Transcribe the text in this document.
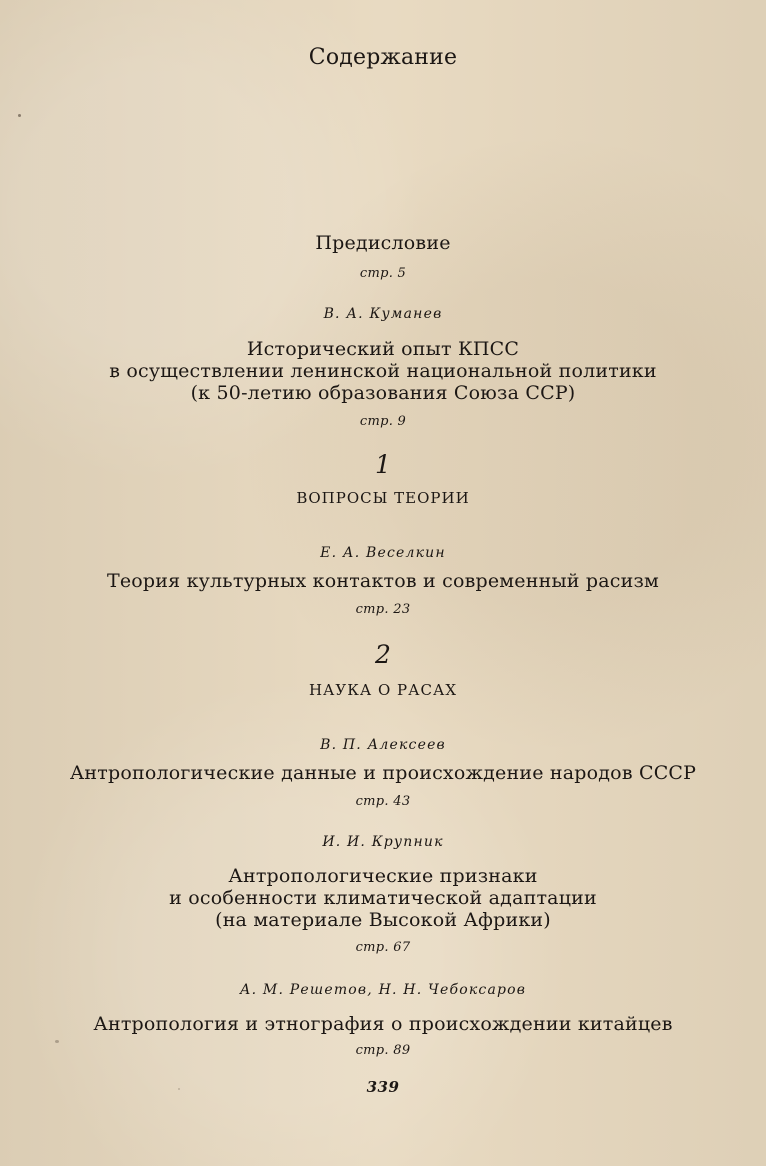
Содержание
Предисловие
стр. 5
В. А. Куманев
Исторический опыт КПСС
в осуществлении ленинской национальной политики
(к 50-летию образования Союза ССР)
стр. 9
1
ВОПРОСЫ ТЕОРИИ
Е. А. Веселкин
Теория культурных контактов и современный расизм
стр. 23
2
НАУКА О РАСАХ
В. П. Алексеев
Антропологические данные и происхождение народов СССР
стр. 43
И. И. Крупник
Антропологические признаки
и особенности климатической адаптации
(на материале Высокой Африки)
стр. 67
А. М. Решетов, Н. Н. Чебоксаров
Антропология и этнография о происхождении китайцев
стр. 89
339
